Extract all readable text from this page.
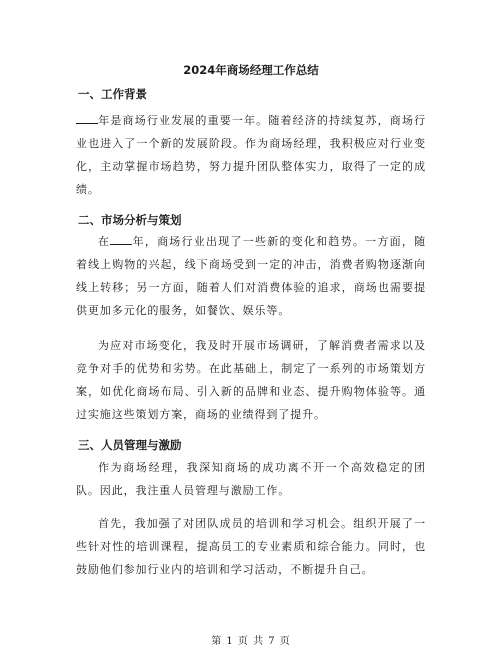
2024年商场经理工作总结
一、工作背景

年是商场行业发展的重要一年。随着经济的持续复苏，商场行业也进入了一个新的发展阶段。作为商场经理，我积极应对行业变化，主动掌握市场趋势，努力提升团队整体实力，取得了一定的成绩。

二、市场分析与策划

在 年，商场行业出现了一些新的变化和趋势。一方面，随着线上购物的兴起，线下商场受到一定的冲击，消费者购物逐渐向线上转移；另一方面，随着人们对消费体验的追求，商场也需要提供更加多元化的服务，如餐饮、娱乐等。

为应对市场变化，我及时开展市场调研，了解消费者需求以及竞争对手的优势和劣势。在此基础上，制定了一系列的市场策划方案，如优化商场布局、引入新的品牌和业态、提升购物体验等。通过实施这些策划方案，商场的业绩得到了提升。

三、人员管理与激励

作为商场经理，我深知商场的成功离不开一个高效稳定的团队。因此，我注重人员管理与激励工作。

首先，我加强了对团队成员的培训和学习机会。组织开展了一些针对性的培训课程，提高员工的专业素质和综合能力。同时，也鼓励他们参加行业内的培训和学习活动，不断提升自己。

第 1 页 共 7 页
